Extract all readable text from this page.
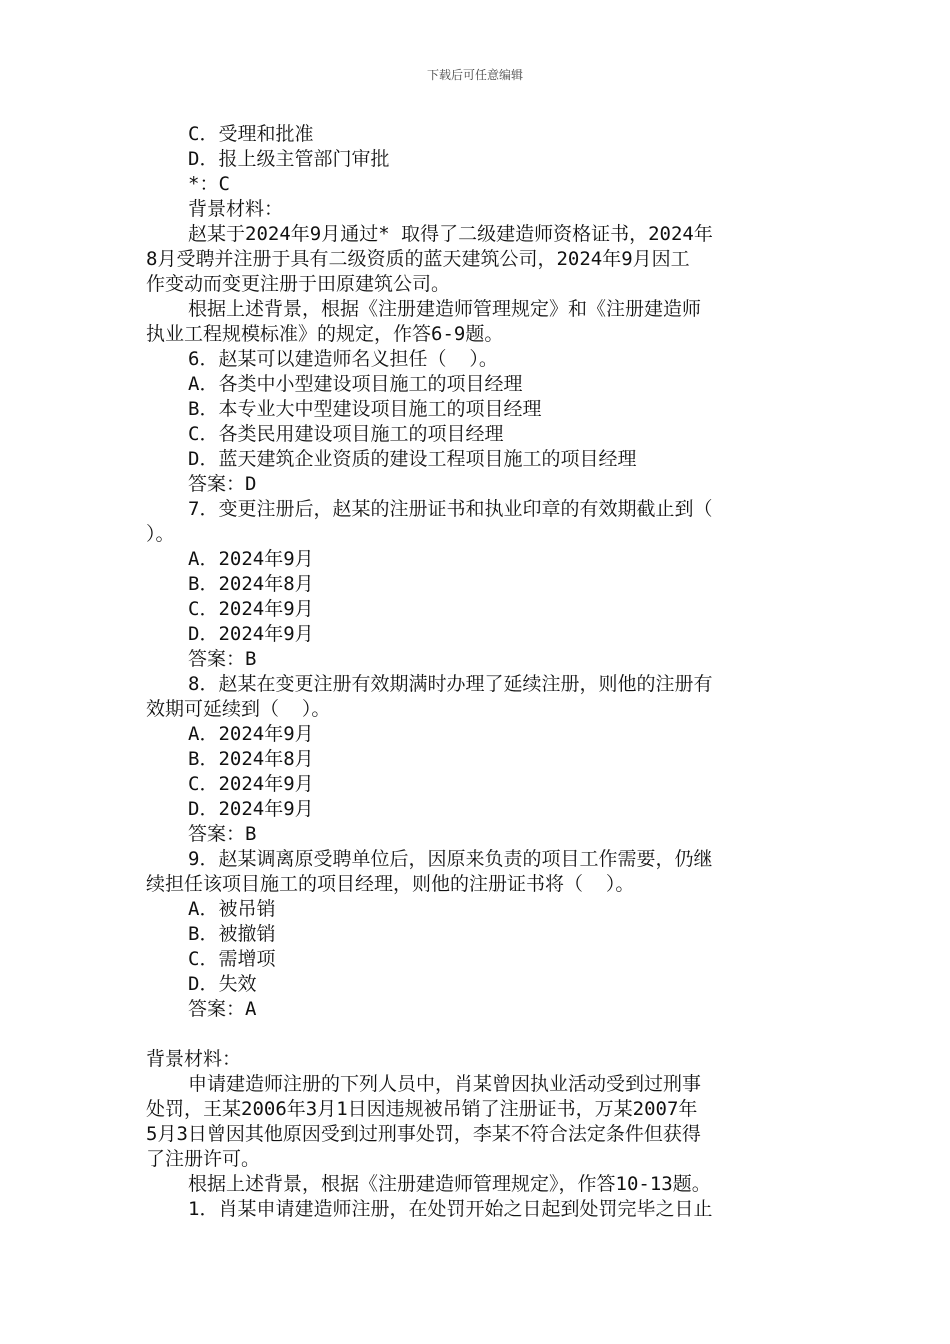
下载后可任意编辑
C．受理和批准
D．报上级主管部门审批
*：C
背景材料：
赵某于2024年9月通过* 取得了二级建造师资格证书，2024年
8月受聘并注册于具有二级资质的蓝天建筑公司，2024年9月因工
作变动而变更注册于田原建筑公司。
根据上述背景，根据《注册建造师管理规定》和《注册建造师
执业工程规模标准》的规定，作答6-9题。
6．赵某可以建造师名义担任（  ）。
A．各类中小型建设项目施工的项目经理
B．本专业大中型建设项目施工的项目经理
C．各类民用建设项目施工的项目经理
D．蓝天建筑企业资质的建设工程项目施工的项目经理
答案：D
7．变更注册后，赵某的注册证书和执业印章的有效期截止到（
）。
A．2024年9月
B．2024年8月
C．2024年9月
D．2024年9月
答案：B
8．赵某在变更注册有效期满时办理了延续注册，则他的注册有
效期可延续到（  ）。
A．2024年9月
B．2024年8月
C．2024年9月
D．2024年9月
答案：B
9．赵某调离原受聘单位后，因原来负责的项目工作需要，仍继
续担任该项目施工的项目经理，则他的注册证书将（  ）。
A．被吊销
B．被撤销
C．需增项
D．失效
答案：A
背景材料：
申请建造师注册的下列人员中，肖某曾因执业活动受到过刑事
处罚，王某2006年3月1日因违规被吊销了注册证书，万某2007年
5月3日曾因其他原因受到过刑事处罚，李某不符合法定条件但获得
了注册许可。
根据上述背景，根据《注册建造师管理规定》，作答10-13题。
1．肖某申请建造师注册，在处罚开始之日起到处罚完毕之日止
